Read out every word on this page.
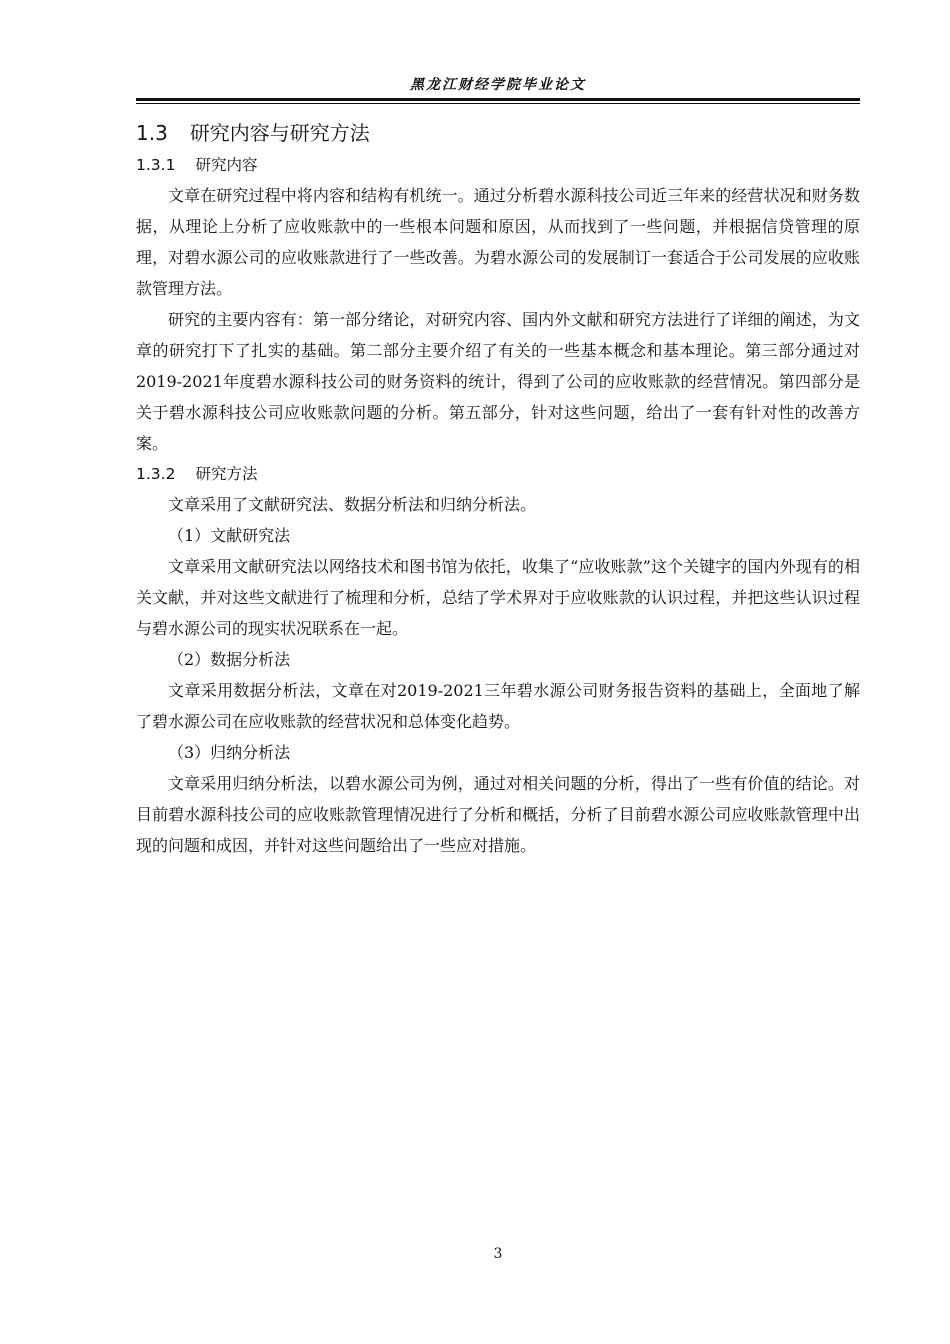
黑龙江财经学院毕业论文
1.3 研究内容与研究方法
1.3.1 研究内容

文章在研究过程中将内容和结构有机统一。通过分析碧水源科技公司近三年来的经营状况和财务数据，从理论上分析了应收账款中的一些根本问题和原因，从而找到了一些问题，并根据信贷管理的原理，对碧水源公司的应收账款进行了一些改善。为碧水源公司的发展制订一套适合于公司发展的应收账款管理方法。

研究的主要内容有：第一部分绪论，对研究内容、国内外文献和研究方法进行了详细的阐述，为文章的研究打下了扎实的基础。第二部分主要介绍了有关的一些基本概念和基本理论。第三部分通过对2019-2021年度碧水源科技公司的财务资料的统计，得到了公司的应收账款的经营情况。第四部分是关于碧水源科技公司应收账款问题的分析。第五部分，针对这些问题，给出了一套有针对性的改善方案。

1.3.2 研究方法

文章采用了文献研究法、数据分析法和归纳分析法。

（1）文献研究法

文章采用文献研究法以网络技术和图书馆为依托，收集了“应收账款”这个关键字的国内外现有的相关文献，并对这些文献进行了梳理和分析，总结了学术界对于应收账款的认识过程，并把这些认识过程与碧水源公司的现实状况联系在一起。

（2）数据分析法

文章采用数据分析法，文章在对2019-2021三年碧水源公司财务报告资料的基础上，全面地了解了碧水源公司在应收账款的经营状况和总体变化趋势。

（3）归纳分析法

文章采用归纳分析法，以碧水源公司为例，通过对相关问题的分析，得出了一些有价值的结论。对目前碧水源科技公司的应收账款管理情况进行了分析和概括，分析了目前碧水源公司应收账款管理中出现的问题和成因，并针对这些问题给出了一些应对措施。

3
